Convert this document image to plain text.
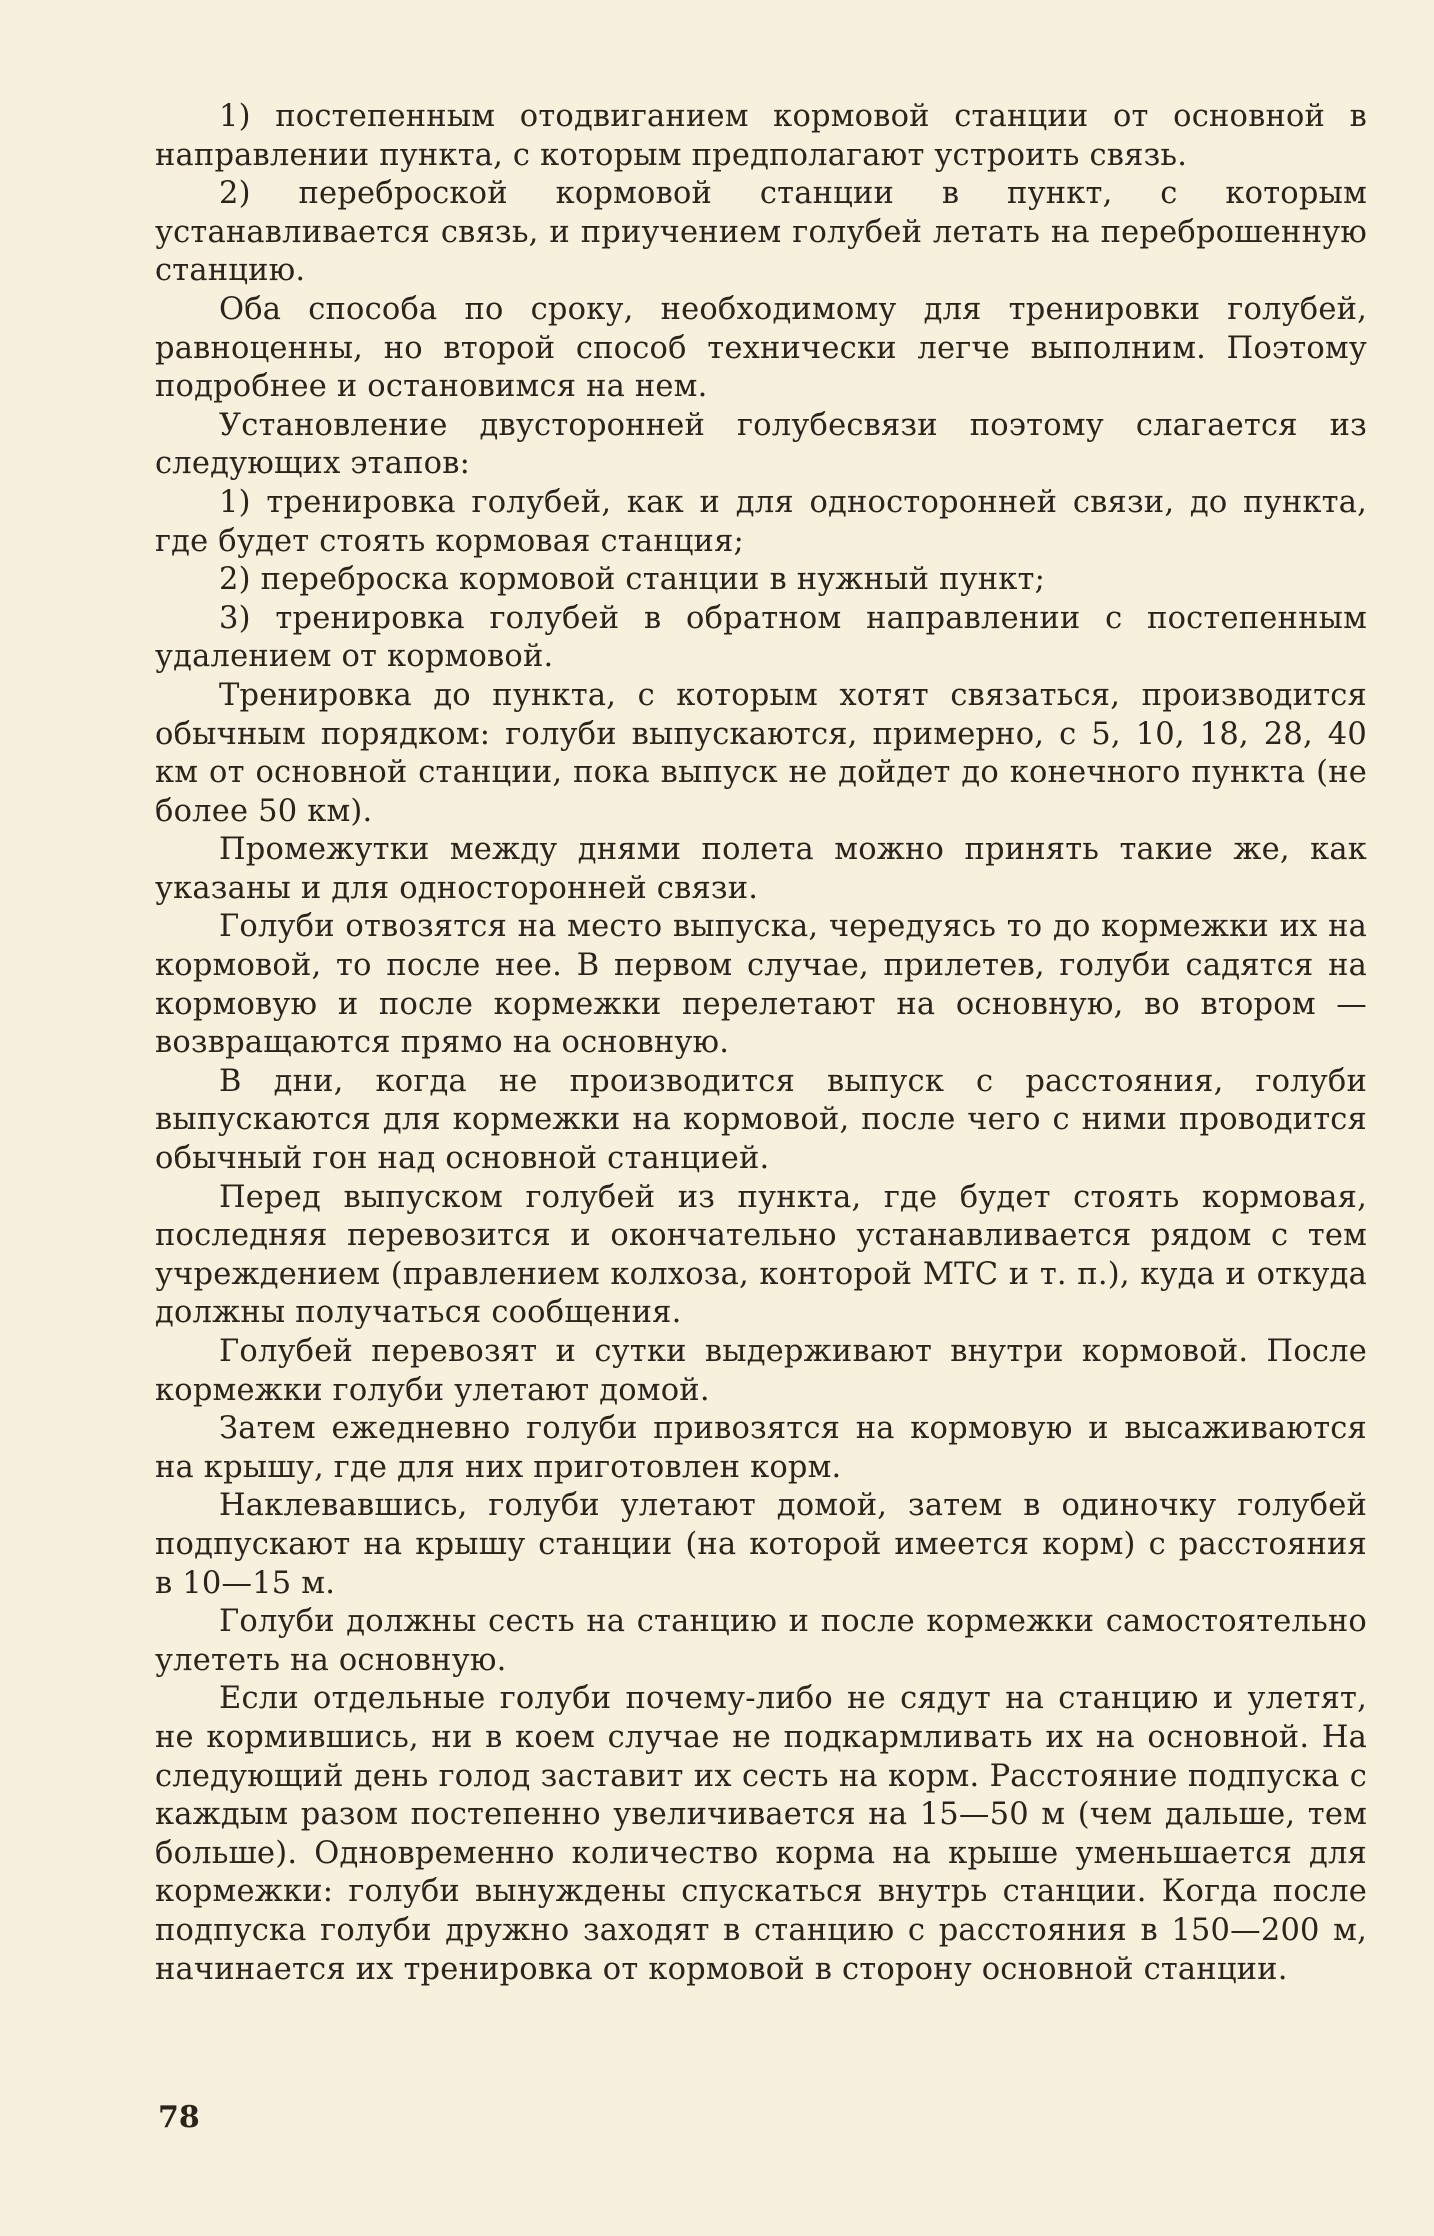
1) постепенным отодвиганием кормовой станции от основной в направлении пункта, с которым предполагают устроить связь.

2) переброской кормовой станции в пункт, с которым устанавливается связь, и приучением голубей летать на переброшенную станцию.

Оба способа по сроку, необходимому для тренировки голубей, равноценны, но второй способ технически легче выполним. Поэтому подробнее и остановимся на нем.

Установление двусторонней голубесвязи поэтому слагается из следующих этапов:

1) тренировка голубей, как и для односторонней связи, до пункта, где будет стоять кормовая станция;

2) переброска кормовой станции в нужный пункт;

3) тренировка голубей в обратном направлении с постепенным удалением от кормовой.

Тренировка до пункта, с которым хотят связаться, производится обычным порядком: голуби выпускаются, примерно, с 5, 10, 18, 28, 40 км от основной станции, пока выпуск не дойдет до конечного пункта (не более 50 км).

Промежутки между днями полета можно принять такие же, как указаны и для односторонней связи.

Голуби отвозятся на место выпуска, чередуясь то до кормежки их на кормовой, то после нее. В первом случае, прилетев, голуби садятся на кормовую и после кормежки перелетают на основную, во втором — возвращаются прямо на основную.

В дни, когда не производится выпуск с расстояния, голуби выпускаются для кормежки на кормовой, после чего с ними проводится обычный гон над основной станцией.

Перед выпуском голубей из пункта, где будет стоять кормовая, последняя перевозится и окончательно устанавливается рядом с тем учреждением (правлением колхоза, конторой МТС и т. п.), куда и откуда должны получаться сообщения.

Голубей перевозят и сутки выдерживают внутри кормовой. После кормежки голуби улетают домой.

Затем ежедневно голуби привозятся на кормовую и высаживаются на крышу, где для них приготовлен корм.

Наклевавшись, голуби улетают домой, затем в одиночку голубей подпускают на крышу станции (на которой имеется корм) с расстояния в 10—15 м.

Голуби должны сесть на станцию и после кормежки самостоятельно улететь на основную.

Если отдельные голуби почему-либо не сядут на станцию и улетят, не кормившись, ни в коем случае не подкармливать их на основной. На следующий день голод заставит их сесть на корм. Расстояние подпуска с каждым разом постепенно увеличивается на 15—50 м (чем дальше, тем больше). Одновременно количество корма на крыше уменьшается для кормежки: голуби вынуждены спускаться внутрь станции. Когда после подпуска голуби дружно заходят в станцию с расстояния в 150—200 м, начинается их тренировка от кормовой в сторону основной станции.

78
